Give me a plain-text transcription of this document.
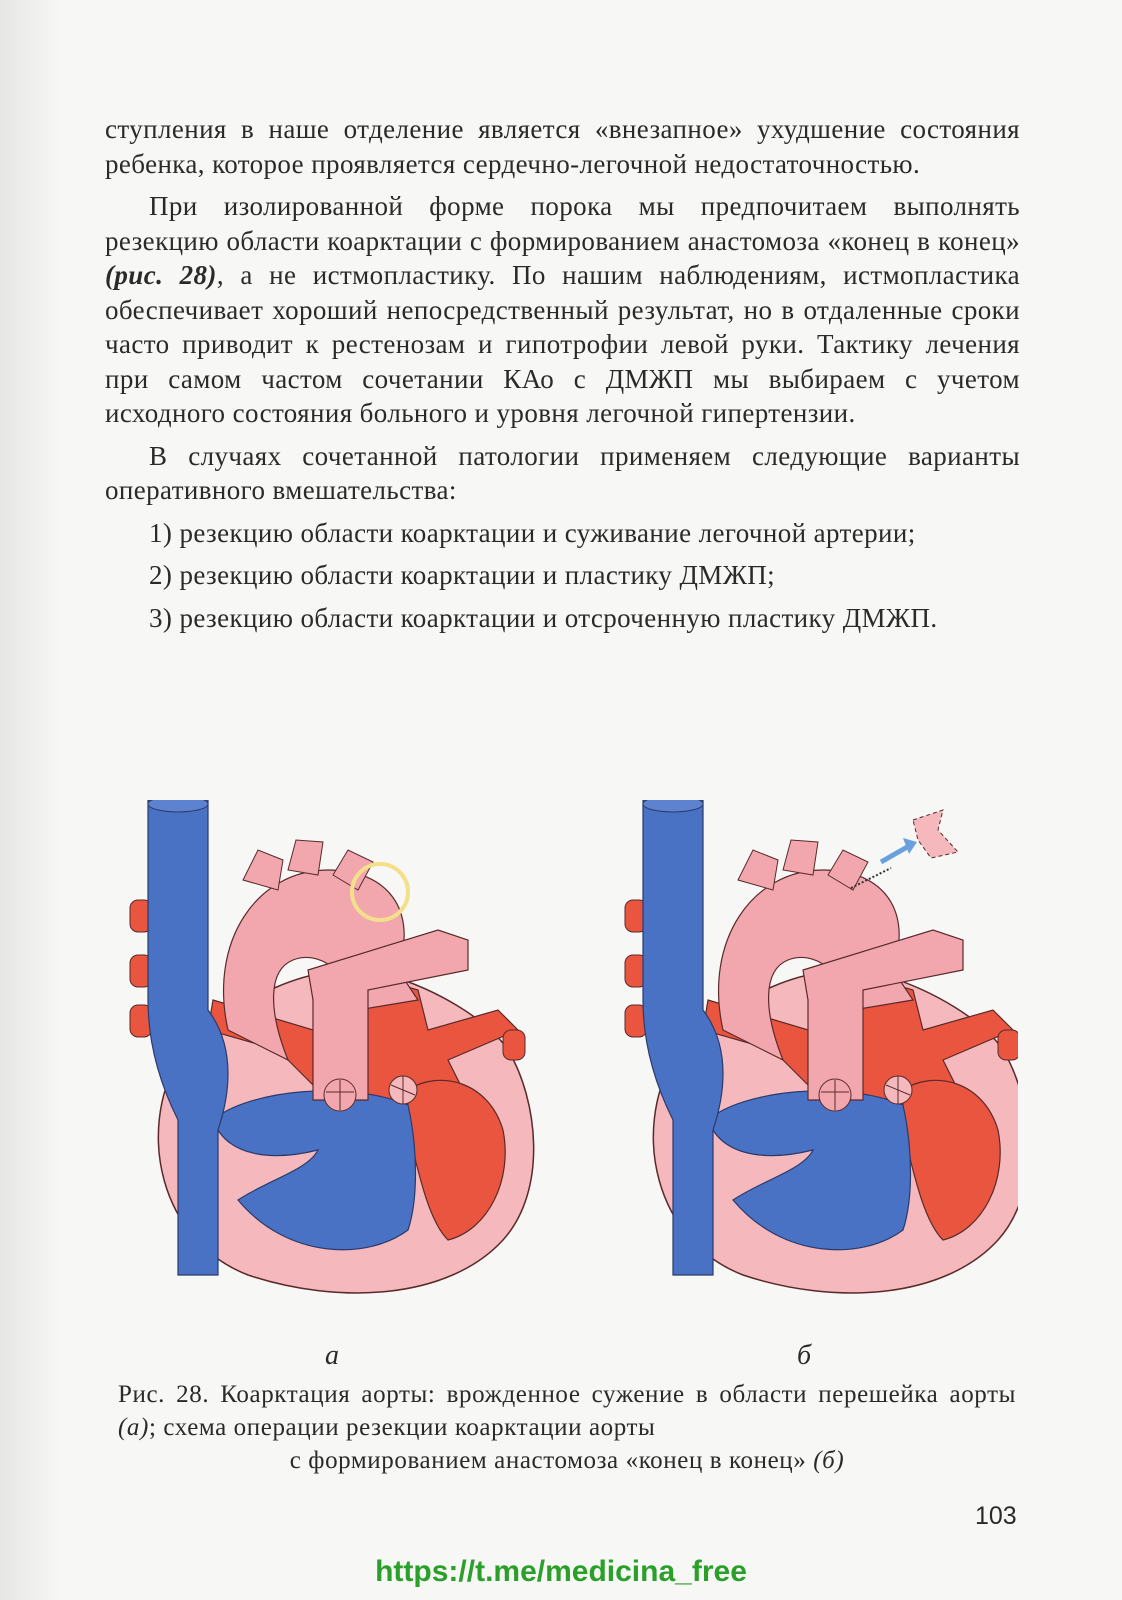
ступления в наше отделение является «внезапное» ухудшение состояния ребенка, которое проявляется сердечно-легочной недостаточностью.

При изолированной форме порока мы предпочитаем выполнять резекцию области коарктации с формированием анастомоза «конец в конец» (рис. 28), а не истмопластику. По нашим наблюдениям, истмопластика обеспечивает хороший непосредственный результат, но в отдаленные сроки часто приводит к рестенозам и гипотрофии левой руки. Тактику лечения при самом частом сочетании КАо с ДМЖП мы выбираем с учетом исходного состояния больного и уровня легочной гипертензии.

В случаях сочетанной патологии применяем следующие варианты оперативного вмешательства:

1) резекцию области коарктации и суживание легочной артерии;

2) резекцию области коарктации и пластику ДМЖП;

3) резекцию области коарктации и отсроченную пластику ДМЖП.

а	б
Рис. 28. Коарктация аорты: врожденное сужение в области перешейка аорты (а); схема операции резекции коарктации аорты
с формированием анастомоза «конец в конец» (б)
103
https://t.me/medicina_free
